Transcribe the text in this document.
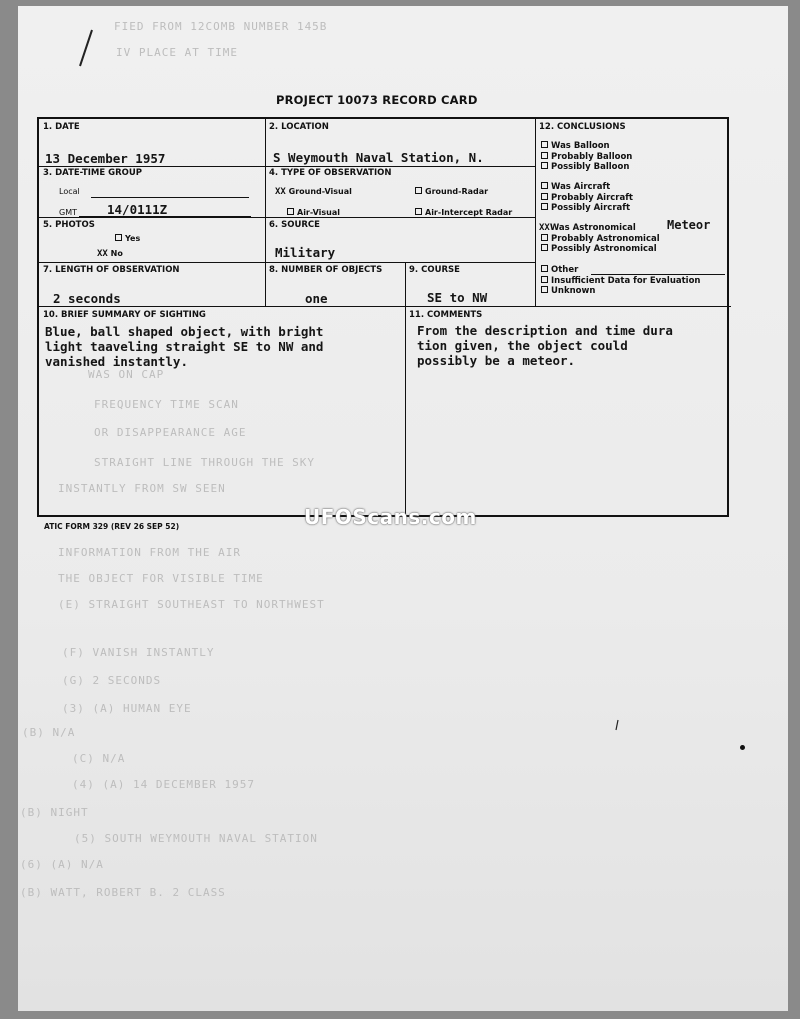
FIED FROM 12COMB NUMBER 145B
IV PLACE AT TIME
WAS ON CAP
FREQUENCY TIME SCAN
OR DISAPPEARANCE AGE
STRAIGHT LINE THROUGH THE SKY
INSTANTLY FROM SW SEEN
INFORMATION FROM THE AIR
THE OBJECT FOR VISIBLE TIME
(E) STRAIGHT SOUTHEAST TO NORTHWEST
(F) VANISH INSTANTLY
(G) 2 SECONDS
(3) (A) HUMAN EYE
(B) N/A
(C) N/A
(4) (A) 14 DECEMBER 1957
(B) NIGHT
(5) SOUTH WEYMOUTH NAVAL STATION
(6) (A) N/A
(B) WATT, ROBERT B. 2 CLASS
PROJECT 10073 RECORD CARD
1. DATE
13 December 1957
2. LOCATION
S Weymouth Naval Station, N.
3. DATE-TIME GROUP
Local
GMT 14/0111Z
4. TYPE OF OBSERVATION
XX Ground-Visual	Ground-Radar
Air-Visual	Air-Intercept Radar
5. PHOTOS
Yes
XX No
6. SOURCE
Military
7. LENGTH OF OBSERVATION
2 seconds
8. NUMBER OF OBJECTS
one
9. COURSE
SE to NW
10. BRIEF SUMMARY OF SIGHTING
Blue, ball shaped object, with bright
light taaveling straight SE to NW and
vanished instantly.
11. COMMENTS
From the description and time dura
tion given, the object could
possibly be a meteor.
12. CONCLUSIONS
Was Balloon
Probably Balloon
Possibly Balloon
Was Aircraft
Probably Aircraft
Possibly Aircraft
XXWas Astronomical	Meteor
Probably Astronomical
Possibly Astronomical
Other
Insufficient Data for Evaluation
Unknown
UFOScans.com
ATIC FORM 329 (REV 26 SEP 52)
